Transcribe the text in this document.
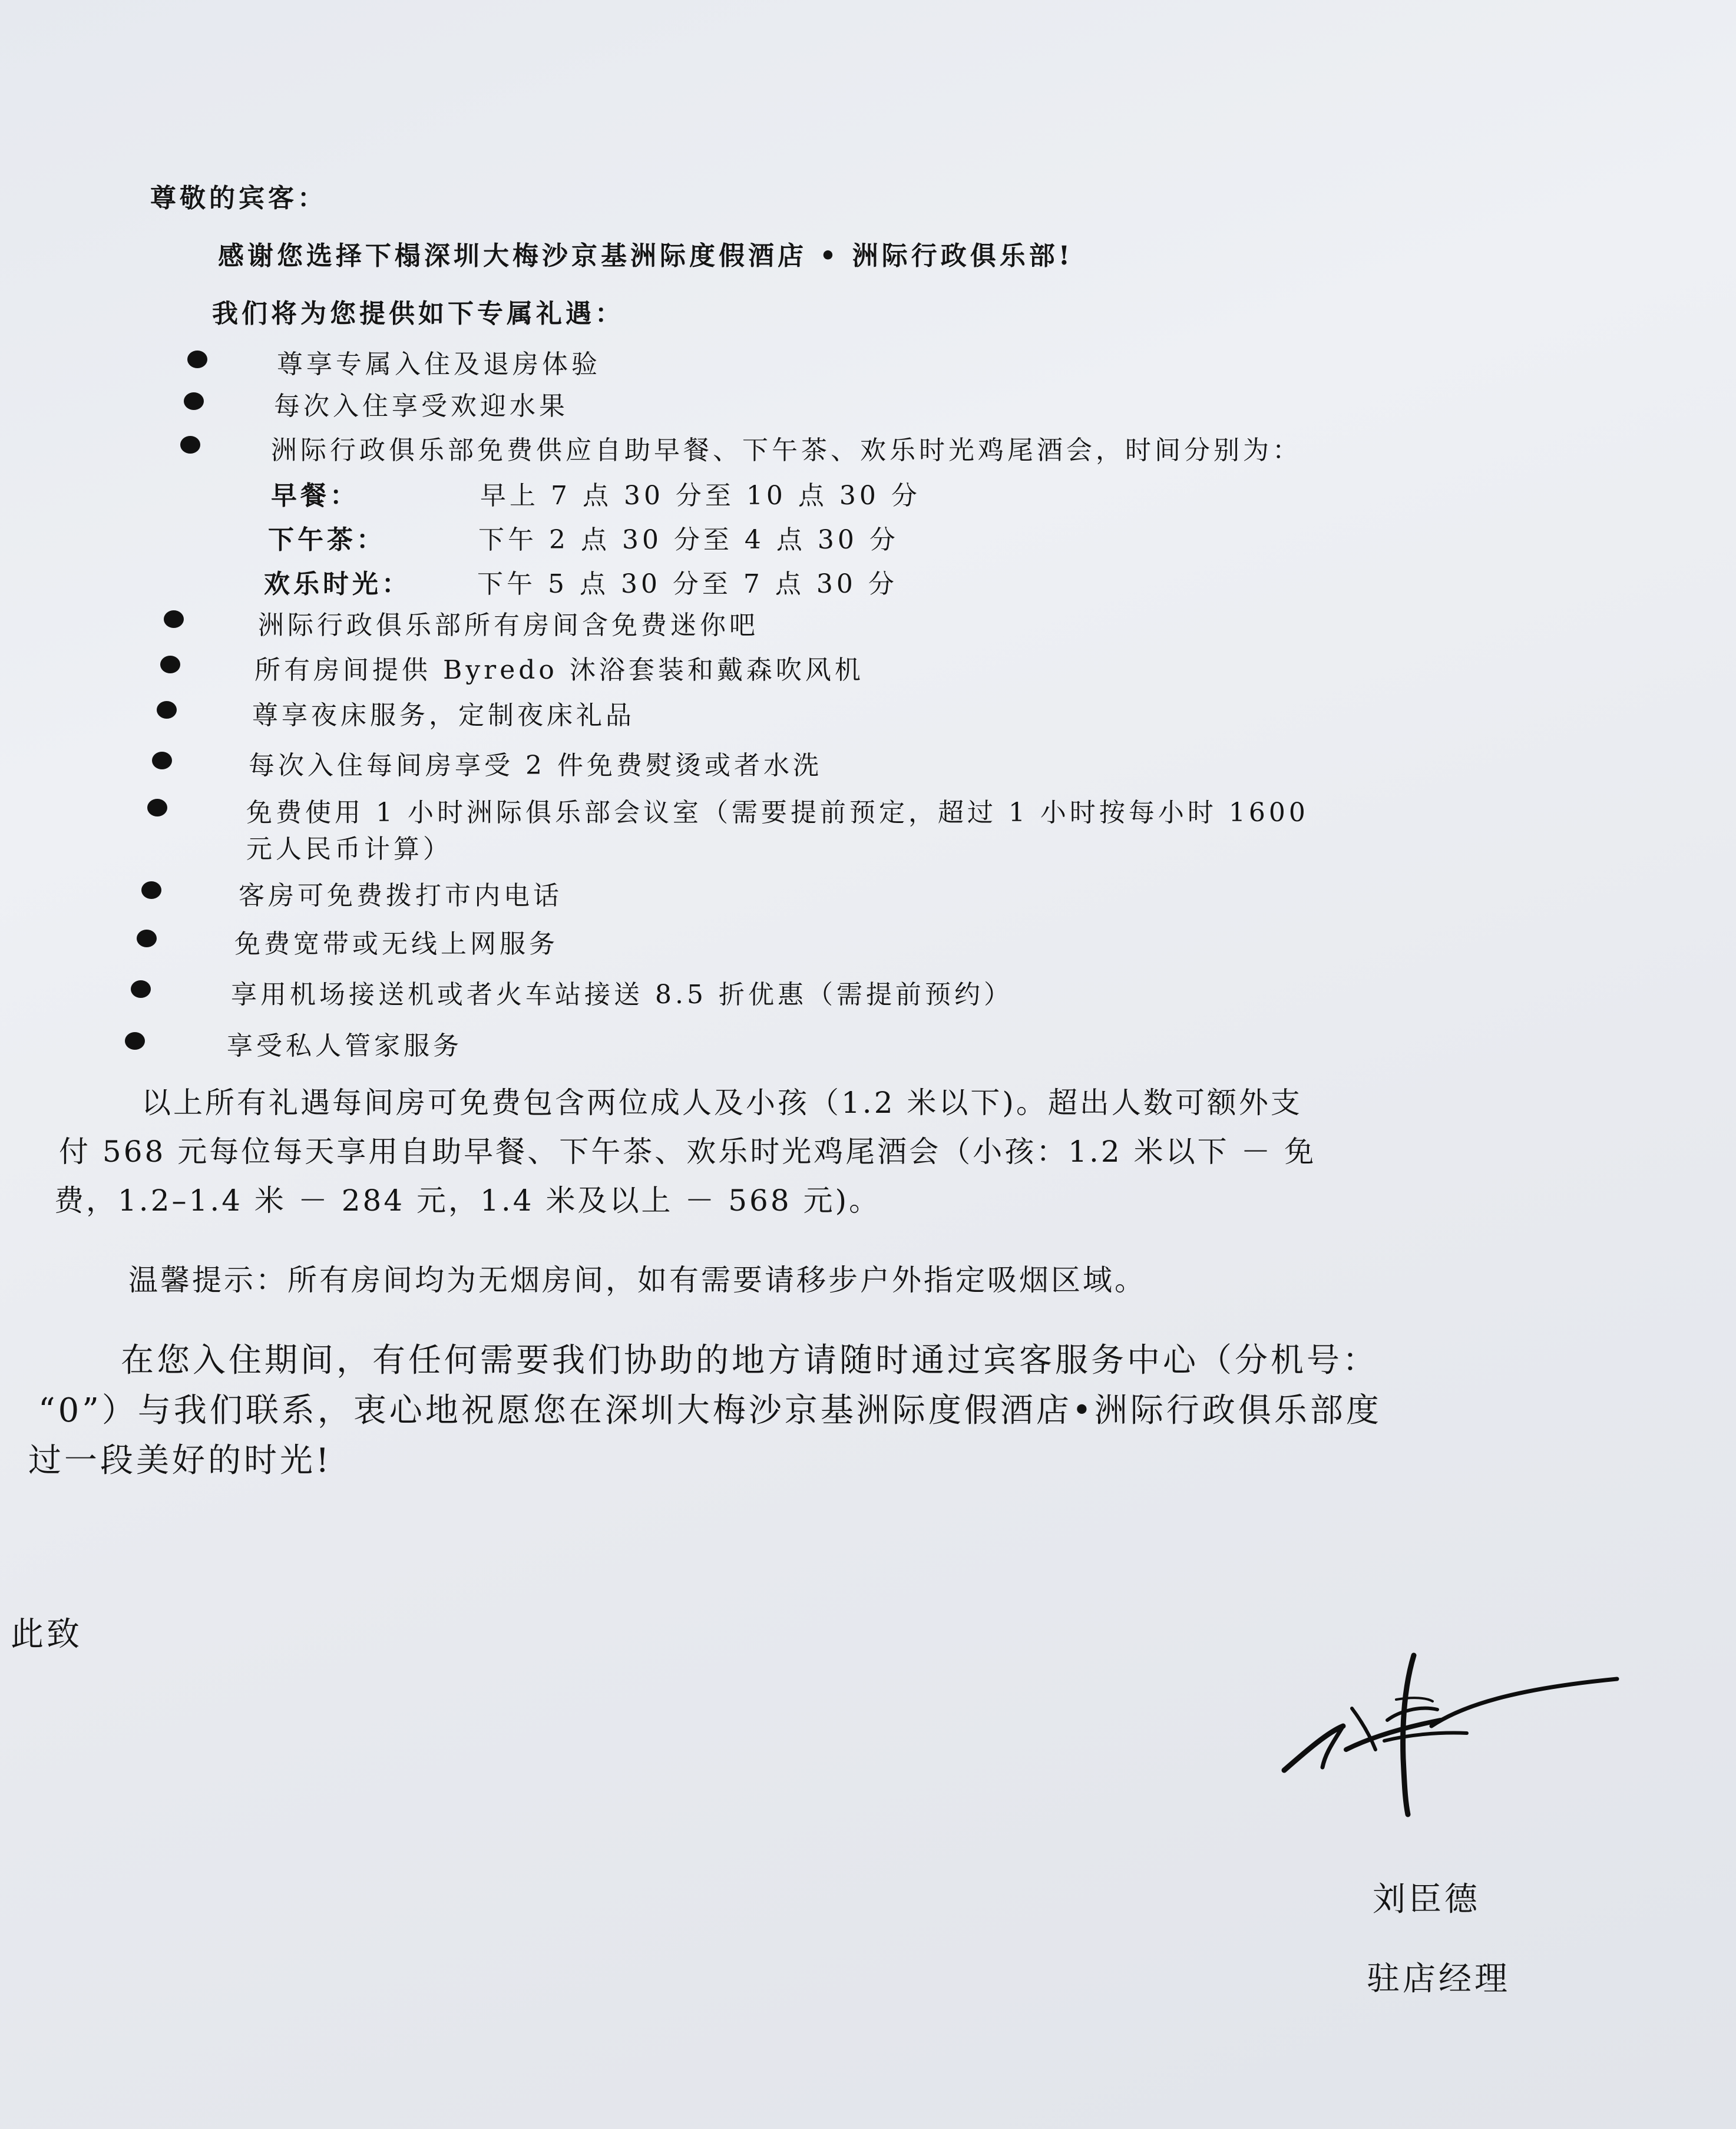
尊敬的宾客：
感谢您选择下榻深圳大梅沙京基洲际度假酒店 • 洲际行政俱乐部!
我们将为您提供如下专属礼遇：
尊享专属入住及退房体验
每次入住享受欢迎水果
洲际行政俱乐部免费供应自助早餐、下午茶、欢乐时光鸡尾酒会，时间分别为：
早餐：	早上 7 点 30 分至 10 点 30 分
下午茶：	下午 2 点 30 分至 4 点 30 分
欢乐时光：	下午 5 点 30 分至 7 点 30 分
洲际行政俱乐部所有房间含免费迷你吧
所有房间提供 Byredo 沐浴套装和戴森吹风机
尊享夜床服务，定制夜床礼品
每次入住每间房享受 2 件免费熨烫或者水洗
免费使用 1 小时洲际俱乐部会议室（需要提前预定，超过 1 小时按每小时 1600
元人民币计算）
客房可免费拨打市内电话
免费宽带或无线上网服务
享用机场接送机或者火车站接送 8.5 折优惠（需提前预约）
享受私人管家服务
以上所有礼遇每间房可免费包含两位成人及小孩（1.2 米以下)。超出人数可额外支
付 568 元每位每天享用自助早餐、下午茶、欢乐时光鸡尾酒会（小孩：1.2 米以下 － 免
费，1.2–1.4 米 － 284 元，1.4 米及以上 － 568 元)。
温馨提示：所有房间均为无烟房间，如有需要请移步户外指定吸烟区域。
在您入住期间，有任何需要我们协助的地方请随时通过宾客服务中心（分机号：
“0”）与我们联系，衷心地祝愿您在深圳大梅沙京基洲际度假酒店•洲际行政俱乐部度
过一段美好的时光!
此致
刘臣德
驻店经理
